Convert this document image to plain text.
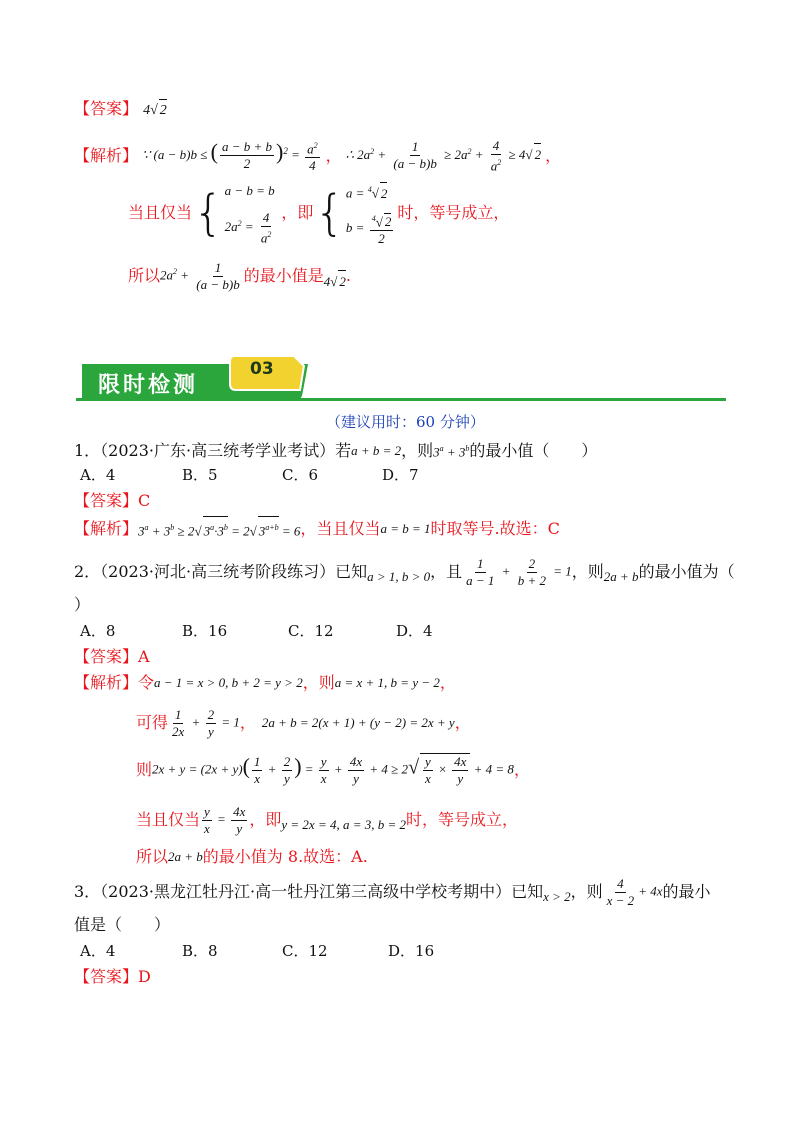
【答案】 4√ 2
【解析】 ∵ (a − b)b ≤ ( $\frac{a - b + b}{2} )^2 = \frac{a^2}{4}$ ， ∴ $2a^2 + \frac{1}{(a - b)b} \ge 2a^2 + \frac{4}{a^2} \ge 4√$ 2 ，
当且仅当 { a − b = b
$2a^2 = \frac{4}{a^2}$ ，即 { a = $^4$√ 2
$b = \frac{^4√ 2}{2}$ 时，等号成立，
所以 $2a^2 + \frac{1}{(a - b)b}$ 的最小值是 4√ 2 .
限时检测
03
（建议用时：60 分钟）
1．（2023·广东·高三统考学业考试）若 a + b = 2 ，则 $3^a + 3^b$ 的最小值（　　）
A．4	B．5	C．6	D．7
【答案】C
【解析】 $3^a + 3^b \ge 2√$ $3^a\cdot 3^b = 2√$ $3^{a+b} = 6$ ，当且仅当 a = b = 1 时取等号.故选：C
2．（2023·河北·高三统考阶段练习）已知 a > 1, b > 0 ，且 $\frac{1}{a - 1} + \frac{2}{b + 2} = 1$ ，则 2a + b 的最小值为（
）
A．8	B．16	C．12	D．4
【答案】A
【解析】 令 a − 1 = x > 0, b + 2 = y > 2 ，则 a = x + 1, b = y − 2 ，
可得 $\frac{1}{2x} + \frac{2}{y} = 1$ ， 2a + b = 2(x + 1) + (y − 2) = 2x + y ，
则 $2x + y = (2x + y)( \frac{1}{x} + \frac{2}{y}$ ) = $\frac{y}{x} + \frac{4x}{y} + 4 \ge 2√ \frac{y}{x} \times \frac{4x}{y} + 4 = 8$ ，
当且仅当 $\frac{y}{x} = \frac{4x}{y}$ ，即 y = 2x = 4, a = 3, b = 2 时，等号成立，
所以 2a + b 的最小值为 8.故选：A.
3．（2023·黑龙江牡丹江·高一牡丹江第三高级中学校考期中）已知 x > 2 ，则 $\frac{4}{x - 2} + 4x$ 的最小
值是（　　）
A．4	B．8	C．12	D．16
【答案】D
